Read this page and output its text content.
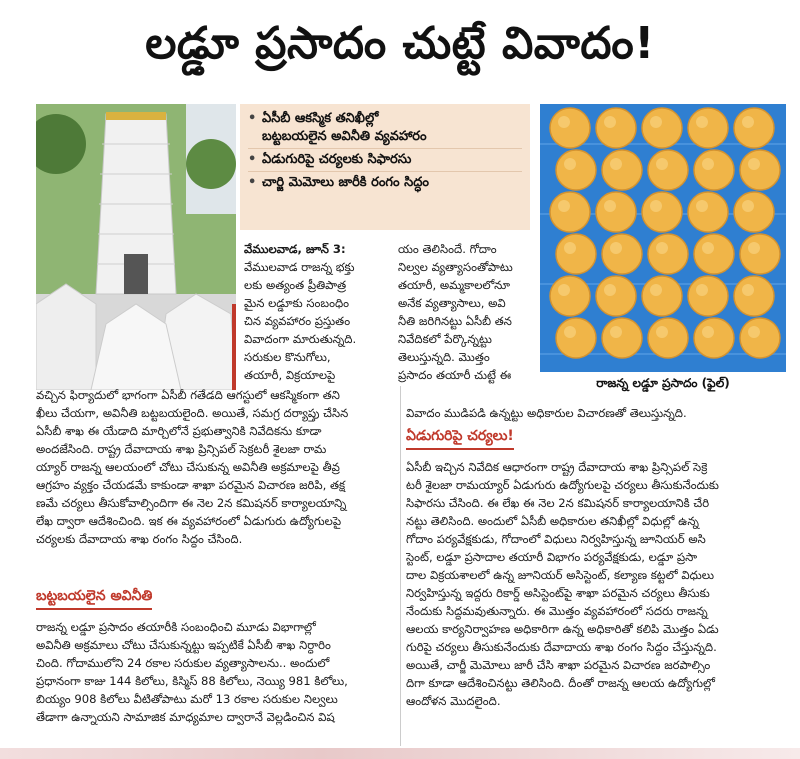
లడ్డూ ప్రసాదం చుట్టే వివాదం!
• ఏసీబీ ఆకస్మిక తనిఖీల్లో
బట్టబయలైన అవినీతి వ్యవహారం
• ఏడుగురిపై చర్యలకు సిఫారసు
• చార్జి మెమోలు జారీకి రంగం సిద్ధం
రాజన్న లడ్డూ ప్రసాదం (ఫైల్)
వేములవాడ, జూన్ 3:
వేములవాడ రాజన్న భక్తు
లకు అత్యంత ప్రీతిపాత్ర
మైన లడ్డూకు సంబంధిం
చిన వ్యవహారం ప్రస్తుతం
వివాదంగా మారుతున్నది.
సరుకుల కొనుగోలు,
తయారీ, విక్రయాలపై
యం తెలిసిందే. గోదాం
నిల్వల వ్యత్యాసంతోపాటు
తయారీ, అమ్మకాలలోనూ
అనేక వ్యత్యాసాలు, అవి
నీతి జరిగినట్టు ఏసీబీ తన
నివేదికలో పేర్కొన్నట్టు
తెలుస్తున్నది. మొత్తం
ప్రసాదం తయారీ చుట్టే ఈ
వివాదం ముడిపడి ఉన్నట్టు అధికారుల విచారణతో తెలుస్తున్నది.
ఏడుగురిపై చర్యలు!
ఏసీబీ ఇచ్చిన నివేదిక ఆధారంగా రాష్ట్ర దేవాదాయ శాఖ ప్రిన్సిపల్ సెక్రె
టరీ శైలజా రామయ్యార్ ఏడుగురు ఉద్యోగులపై చర్యలు తీసుకునేందుకు
సిఫారసు చేసింది. ఈ లేఖ ఈ నెల 2న కమిషనర్ కార్యాలయానికి చేరి
నట్టు తెలిసింది. అందులో ఏసీబీ అధికారుల తనిఖీల్లో విధుల్లో ఉన్న
గోదాం పర్యవేక్షకుడు, గోదాంలో విధులు నిర్వహిస్తున్న జూనియర్ అసి
స్టెంట్, లడ్డూ ప్రసాదాల తయారీ విభాగం పర్యవేక్షకుడు, లడ్డూ ప్రసా
దాల విక్రయశాలలో ఉన్న జూనియర్ అసిస్టెంట్, కల్యాణ కట్టలో విధులు
నిర్వహిస్తున్న ఇద్దరు రికార్డ్ అసిస్టెంట్‌పై శాఖా పరమైన చర్యలు తీసుకు
నేందుకు సిద్ధమవుతున్నారు. ఈ మొత్తం వ్యవహారంలో సదరు రాజన్న
ఆలయ కార్యనిర్వాహణ అధికారిగా ఉన్న అధికారితో కలిపి మొత్తం ఏడు
గురిపై చర్యలు తీసుకునేందుకు దేవాదాయ శాఖ రంగం సిద్ధం చేస్తున్నది.
అయితే, చార్జీ మెమోలు జారీ చేసి శాఖా పరమైన విచారణ జరపాల్సిం
దిగా కూడా ఆదేశించినట్టు తెలిసింది. దీంతో రాజన్న ఆలయ ఉద్యోగుల్లో
ఆందోళన మొదలైంది.
వచ్చిన ఫిర్యాదులో భాగంగా ఏసీబీ గతేడది ఆగస్టులో ఆకస్మికంగా తని
ఖీలు చేయగా, అవినీతి బట్టబయలైంది. అయితే, సమగ్ర దర్యాప్తు చేసిన
ఏసీబీ శాఖ ఈ యేడాది మార్చిలోనే ప్రభుత్వానికి నివేదికను కూడా
అందజేసింది. రాష్ట్ర దేవాదాయ శాఖ ప్రిన్సిపల్ సెక్రటరీ శైలజా రామ
య్యార్ రాజన్న ఆలయంలో చోటు చేసుకున్న అవినీతి అక్రమాలపై తీవ్ర
ఆగ్రహం వ్యక్తం చేయడమే కాకుండా శాఖా పరమైన విచారణ జరిపి, తక్ష
ణమే చర్యలు తీసుకోవాల్సిందిగా ఈ నెల 2న కమిషనర్ కార్యాలయాన్ని
లేఖ ద్వారా ఆదేశించింది. ఇక ఈ వ్యవహారంలో ఏడుగురు ఉద్యోగులపై
చర్యలకు దేవాదాయ శాఖ రంగం సిద్ధం చేసింది.
బట్టబయలైన అవినీతి
రాజన్న లడ్డూ ప్రసాదం తయారీకి సంబంధించి మూడు విభాగాల్లో
అవినీతి అక్రమాలు చోటు చేసుకున్నట్టు ఇప్పటికే ఏసీబీ శాఖ నిర్ధారిం
చింది. గోదాములోని 24 రకాల సరుకుల వ్యత్యాసాలను.. అందులో
ప్రధానంగా కాజు 144 కిలోలు, కిస్మిస్ 88 కిలోలు, నెయ్యి 981 కిలోలు,
బియ్యం 908 కిలోలు వీటితోపాటు మరో 13 రకాల సరుకుల నిల్వలు
తేడాగా ఉన్నాయని సామాజిక మాధ్యమాల ద్వారానే వెల్లడించిన విష
